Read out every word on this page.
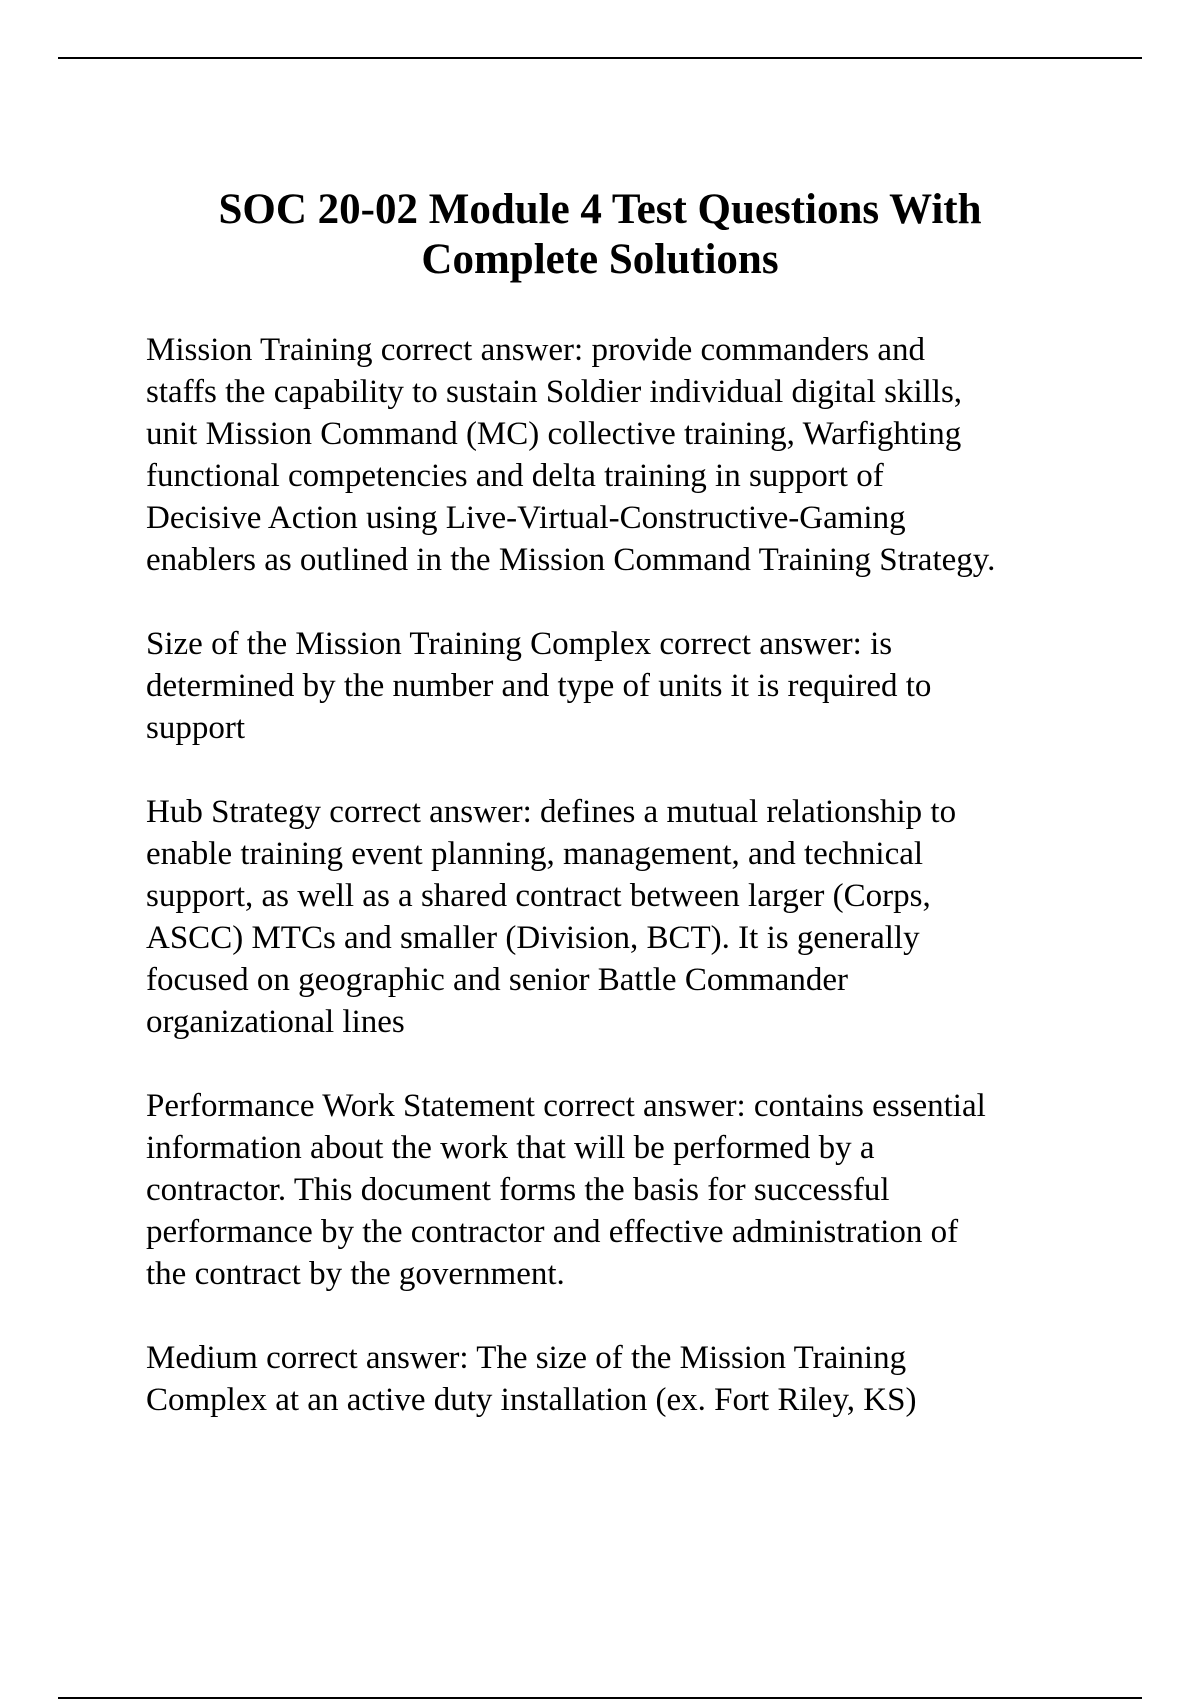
SOC 20-02 Module 4 Test Questions With
Complete Solutions

Mission Training correct answer: provide commanders and
staffs the capability to sustain Soldier individual digital skills,
unit Mission Command (MC) collective training, Warfighting
functional competencies and delta training in support of
Decisive Action using Live-Virtual-Constructive-Gaming
enablers as outlined in the Mission Command Training Strategy.

Size of the Mission Training Complex correct answer: is
determined by the number and type of units it is required to
support

Hub Strategy correct answer: defines a mutual relationship to
enable training event planning, management, and technical
support, as well as a shared contract between larger (Corps,
ASCC) MTCs and smaller (Division, BCT). It is generally
focused on geographic and senior Battle Commander
organizational lines

Performance Work Statement correct answer: contains essential
information about the work that will be performed by a
contractor. This document forms the basis for successful
performance by the contractor and effective administration of
the contract by the government.

Medium correct answer: The size of the Mission Training
Complex at an active duty installation (ex. Fort Riley, KS)
